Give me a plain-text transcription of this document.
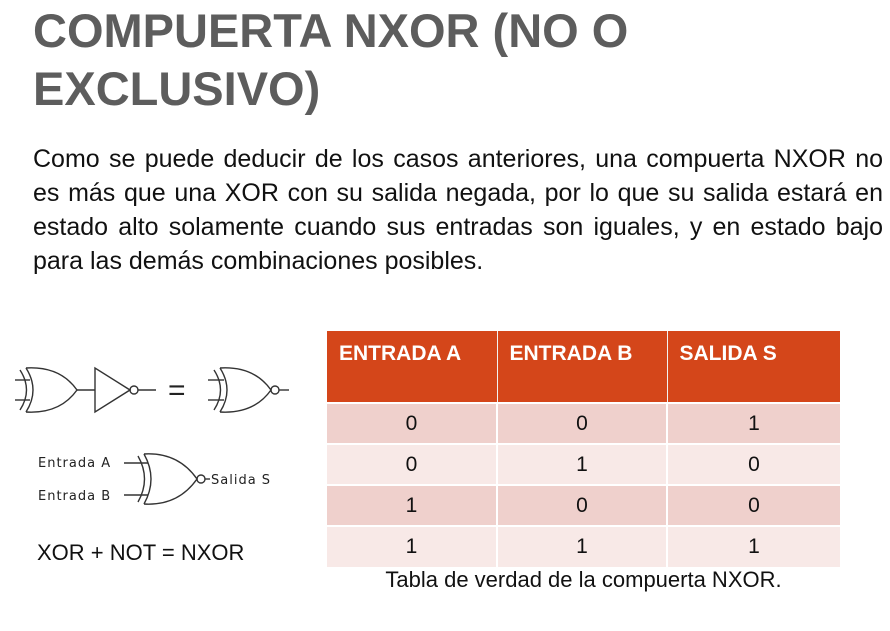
COMPUERTA NXOR (NO O EXCLUSIVO)

Como se puede deducir de los casos anteriores, una compuerta NXOR no es más que una XOR con su salida negada, por lo que su salida estará en estado alto solamente cuando sus entradas son iguales, y en estado bajo para las demás combinaciones posibles.

=
Entrada A
Entrada B
Salida S
XOR + NOT = NXOR
ENTRADA A	ENTRADA B	SALIDA S
0	0	1
0	1	0
1	0	0
1	1	1
Tabla de verdad de la compuerta NXOR.
